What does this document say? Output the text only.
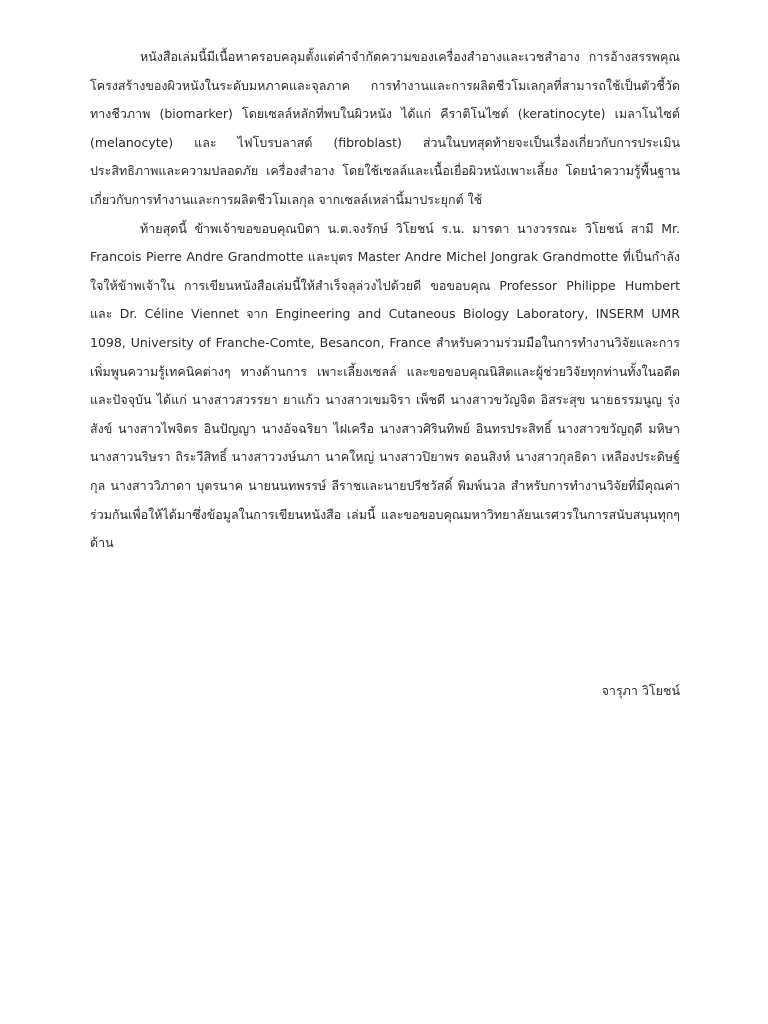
หนังสือเล่มนี้มีเนื้อหาครอบคลุมตั้งแต่คำจำกัดความของเครื่องสำอางและเวชสำอาง การอ้างสรรพคุณ โครงสร้างของผิวหนังในระดับมหภาคและจุลภาค การทำงานและการผลิตชีวโมเลกุลที่สามารถใช้เป็นตัวชี้วัดทางชีวภาพ (biomarker) โดยเซลล์หลักที่พบในผิวหนัง ได้แก่ คีราติโนไซต์ (keratinocyte) เมลาโนไซต์ (melanocyte) และ ไฟโบรบลาสต์ (fibroblast) ส่วนในบทสุดท้ายจะเป็นเรื่องเกี่ยวกับการประเมินประสิทธิภาพและความปลอดภัย เครื่องสำอาง โดยใช้เซลล์และเนื้อเยื่อผิวหนังเพาะเลี้ยง โดยนำความรู้พื้นฐานเกี่ยวกับการทำงานและการผลิตชีวโมเลกุล จากเซลล์เหล่านี้มาประยุกต์ ใช้

ท้ายสุดนี้ ข้าพเจ้าขอขอบคุณบิดา น.ต.จงรักษ์ วิโยชน์ ร.น. มารดา นางวรรณะ วิโยชน์ สามี Mr. Francois Pierre Andre Grandmotte และบุตร Master Andre Michel Jongrak Grandmotte ที่เป็นกำลังใจให้ข้าพเจ้าใน การเขียนหนังสือเล่มนี้ให้สำเร็จลุล่วงไปด้วยดี ขอขอบคุณ Professor Philippe Humbert และ Dr. Céline Viennet จาก Engineering and Cutaneous Biology Laboratory, INSERM UMR 1098, University of Franche-Comte, Besancon, France สำหรับความร่วมมือในการทำงานวิจัยและการเพิ่มพูนความรู้เทคนิคต่างๆ ทางด้านการ เพาะเลี้ยงเซลล์ และขอขอบคุณนิสิตและผู้ช่วยวิจัยทุกท่านทั้งในอดีตและปัจจุบัน ได้แก่ นางสาวสวรรยา ยาแก้ว นางสาวเขมจิรา เพ็ชดี นางสาวขวัญจิต อิสระสุข นายธรรมนูญ รุ่งสังข์ นางสาวไพจิตร อินปัญญา นางอัจฉริยา ไฝเครือ นางสาวศิรินทิพย์ อินทรประสิทธิ์ นางสาวขวัญฤดี มหิษา นางสาวนริษรา ถิระวีสิทธิ์ นางสาววงษ์นภา นาคใหญ่ นางสาวปิยาพร ดอนสิงห์ นางสาวกุลธิดา เหลืองประดิษฐ์กุล นางสาววิภาดา บุตรนาค นายนนทพรรษ์ ลีราชและนายปรีชวัสดิ์ พิมพ์นวล สำหรับการทำงานวิจัยที่มีคุณค่าร่วมกันเพื่อให้ได้มาซึ่งข้อมูลในการเขียนหนังสือ เล่มนี้ และขอขอบคุณมหาวิทยาลัยนเรศวรในการสนับสนุนทุกๆ ด้าน

จารุภา วิโยชน์
